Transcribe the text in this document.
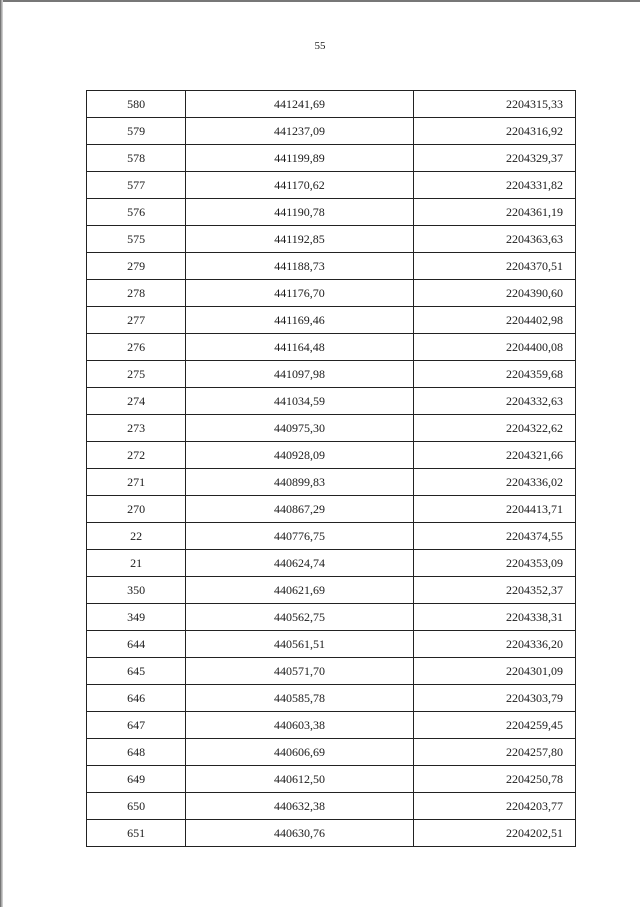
55
580	441241,69	2204315,33
579	441237,09	2204316,92
578	441199,89	2204329,37
577	441170,62	2204331,82
576	441190,78	2204361,19
575	441192,85	2204363,63
279	441188,73	2204370,51
278	441176,70	2204390,60
277	441169,46	2204402,98
276	441164,48	2204400,08
275	441097,98	2204359,68
274	441034,59	2204332,63
273	440975,30	2204322,62
272	440928,09	2204321,66
271	440899,83	2204336,02
270	440867,29	2204413,71
22	440776,75	2204374,55
21	440624,74	2204353,09
350	440621,69	2204352,37
349	440562,75	2204338,31
644	440561,51	2204336,20
645	440571,70	2204301,09
646	440585,78	2204303,79
647	440603,38	2204259,45
648	440606,69	2204257,80
649	440612,50	2204250,78
650	440632,38	2204203,77
651	440630,76	2204202,51
